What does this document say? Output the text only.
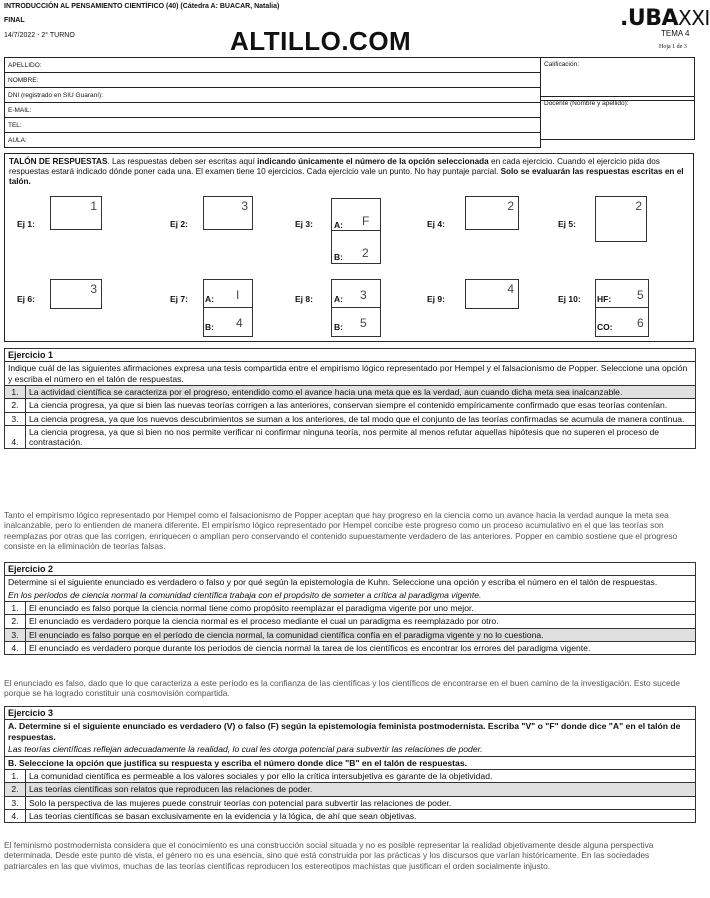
INTRODUCCIÓN AL PENSAMIENTO CIENTÍFICO (40) (Cátedra A: BUACAR, Natalia)
FINAL
14/7/2022 - 2° TURNO	ALTILLO.COM
.UBAXXI
TEMA 4
Hoja 1 de 3
APELLIDO:
NOMBRE:
DNI (registrado en SIU Guaraní):
E-MAIL:
TEL:
AULA:
Calificación:
Docente (Nombre y apellido):
TALÓN DE RESPUESTAS. Las respuestas deben ser escritas aquí indicando únicamente el número de la opción seleccionada en cada ejercicio. Cuando el ejercicio pida dos respuestas estará indicado dónde poner cada una. El examen tiene 10 ejercicios. Cada ejercicio vale un punto. No hay puntaje parcial. Solo se evaluarán las respuestas escritas en el talón.
Ej 1:
1
Ej 2:
3
Ej 3: A: F
B: 2
Ej 4:
2
Ej 5:
2
Ej 6:
3
Ej 7: A: I
B: 4
Ej 8: A: 3
B: 5
Ej 9:
4
Ej 10: HF: 5
CO: 6
Ejercicio 1
Indique cuál de las siguientes afirmaciones expresa una tesis compartida entre el empirismo lógico representado por Hempel y el falsacionismo de Popper. Seleccione una opción y escriba el número en el talón de respuestas.
1.	La actividad científica se caracteriza por el progreso, entendido como el avance hacia una meta que es la verdad, aun cuando dicha meta sea inalcanzable.
2.	La ciencia progresa, ya que si bien las nuevas teorías corrigen a las anteriores, conservan siempre el contenido empíricamente confirmado que esas teorías contenían.
3.	La ciencia progresa, ya que los nuevos descubrimientos se suman a los anteriores, de tal modo que el conjunto de las teorías confirmadas se acumula de manera continua.
4.	La ciencia progresa, ya que si bien no nos permite verificar ni confirmar ninguna teoría, nos permite al menos refutar aquellas hipótesis que no superen el proceso de contrastación.
Tanto el empirismo lógico representado por Hempel como el falsacionismo de Popper aceptan que hay progreso en la ciencia como un avance hacia la verdad aunque la meta sea inalcanzable, pero lo entienden de manera diferente. El empirismo lógico representado por Hempel concibe este progreso como un proceso acumulativo en el que las teorías son reemplazas por otras que las corrigen, enriquecen o amplían pero conservando el contenido supuestamente verdadero de las anteriores. Popper en cambio sostiene que el progreso consiste en la eliminación de teorías falsas.
Ejercicio 2
Determine si el siguiente enunciado es verdadero o falso y por qué según la epistemología de Kuhn. Seleccione una opción y escriba el número en el talón de respuestas.
En los períodos de ciencia normal la comunidad científica trabaja con el propósito de someter a crítica al paradigma vigente.
1.	El enunciado es falso porque la ciencia normal tiene como propósito reemplazar el paradigma vigente por uno mejor.
2.	El enunciado es verdadero porque la ciencia normal es el proceso mediante el cual un paradigma es reemplazado por otro.
3.	El enunciado es falso porque en el período de ciencia normal, la comunidad científica confía en el paradigma vigente y no lo cuestiona.
4.	El enunciado es verdadero porque durante los períodos de ciencia normal la tarea de los científicos es encontrar los errores del paradigma vigente.
El enunciado es falso, dado que lo que caracteriza a este período es la confianza de las científicas y los científicos de encontrarse en el buen camino de la investigación. Esto sucede porque se ha logrado constituir una cosmovisión compartida.
Ejercicio 3
A. Determine si el siguiente enunciado es verdadero (V) o falso (F) según la epistemología feminista postmodernista. Escriba "V" o "F" donde dice "A" en el talón de respuestas.
Las teorías científicas reflejan adecuadamente la realidad, lo cual les otorga potencial para subvertir las relaciones de poder.
B. Seleccione la opción que justifica su respuesta y escriba el número donde dice "B" en el talón de respuestas.
1.	La comunidad científica es permeable a los valores sociales y por ello la crítica intersubjetiva es garante de la objetividad.
2.	Las teorías científicas son relatos que reproducen las relaciones de poder.
3.	Solo la perspectiva de las mujeres puede construir teorías con potencial para subvertir las relaciones de poder.
4.	Las teorías científicas se basan exclusivamente en la evidencia y la lógica, de ahí que sean objetivas.
El feminismo postmodernista considera que el conocimiento es una construcción social situada y no es posible representar la realidad objetivamente desde alguna perspectiva determinada. Desde este punto de vista, el género no es una esencia, sino que está construida por las prácticas y los discursos que varían históricamente. En las sociedades patriarcales en las que vivimos, muchas de las teorías científicas reproducen los estereotipos machistas que justifican el orden socialmente injusto.
